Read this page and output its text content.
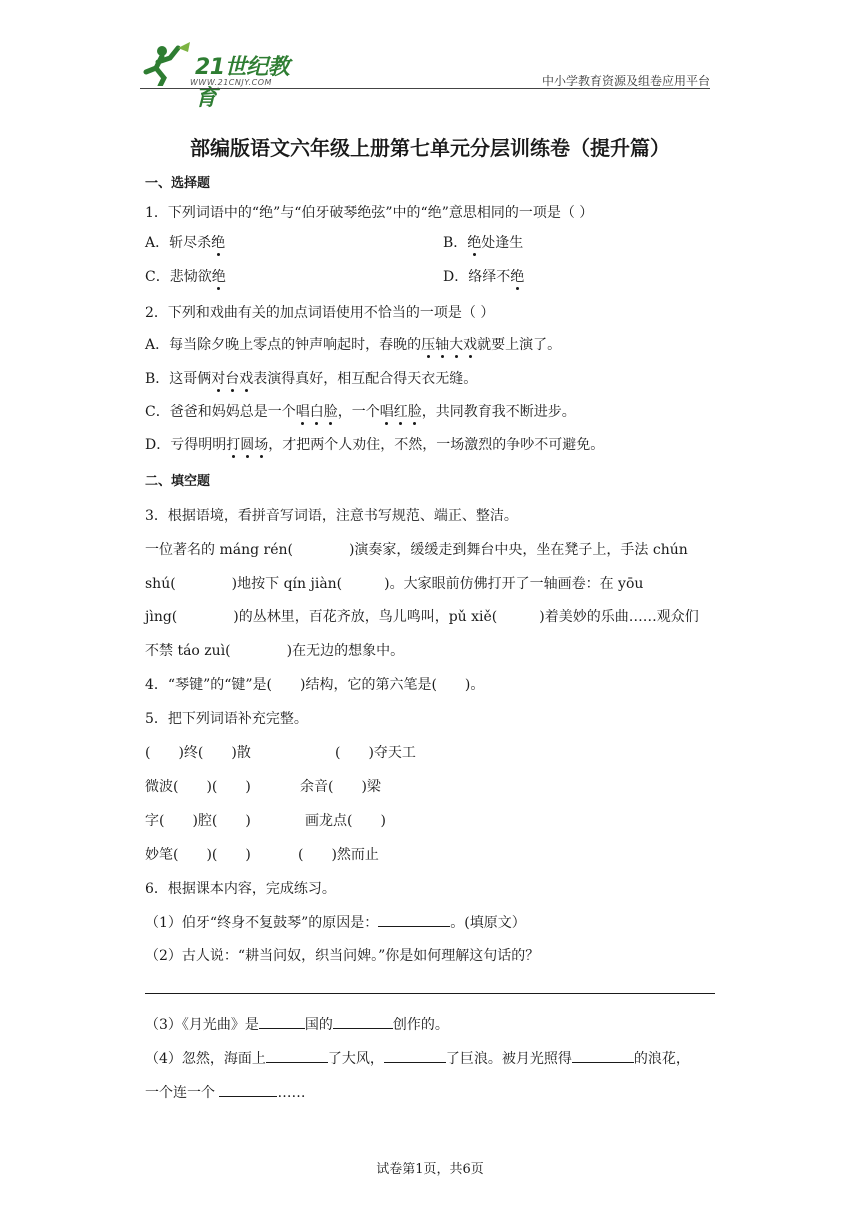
21世纪教育
WWW.21CNJY.COM	中小学教育资源及组卷应用平台
部编版语文六年级上册第七单元分层训练卷（提升篇）
一、选择题
1．下列词语中的“绝”与“伯牙破琴绝弦”中的“绝”意思相同的一项是（ ）
A．斩尽杀绝	B．绝处逢生
C．悲恸欲绝	D．络绎不绝
2．下列和戏曲有关的加点词语使用不恰当的一项是（ ）
A．每当除夕晚上零点的钟声响起时，春晚的压轴大戏就要上演了。
B．这哥俩对台戏表演得真好，相互配合得天衣无缝。
C．爸爸和妈妈总是一个唱白脸，一个唱红脸，共同教育我不断进步。
D．亏得明明打圆场，才把两个人劝住，不然，一场激烈的争吵不可避免。
二、填空题
3．根据语境，看拼音写词语，注意书写规范、端正、整洁。
一位著名的 máng rén(　　　　)演奏家，缓缓走到舞台中央，坐在凳子上，手法 chún
shú(　　　　)地按下 qín jiàn(　　　)。大家眼前仿佛打开了一轴画卷：在 yōu
jìng(　　　　)的丛林里，百花齐放，鸟儿鸣叫，pǔ xiě(　　　)着美妙的乐曲……观众们
不禁 táo zuì(　　　　)在无边的想象中。
4．“琴键”的“键”是(　　)结构，它的第六笔是(　　)。
5．把下列词语补充完整。
(　　)终(　　)散	(　　)夺天工
微波(　　)(　　)	余音(　　)梁
字(　　)腔(　　)	画龙点(　　)
妙笔(　　)(　　)	(　　)然而止
6．根据课本内容，完成练习。
（1）伯牙“终身不复鼓琴”的原因是：	。(填原文）
（2）古人说：“耕当问奴，织当问婢。”你是如何理解这句话的？
（3）《月光曲》是	国的	创作的。
（4）忽然，海面上	了大风，	了巨浪。被月光照得	的浪花，
一个连一个	……
试卷第1页，共6页
